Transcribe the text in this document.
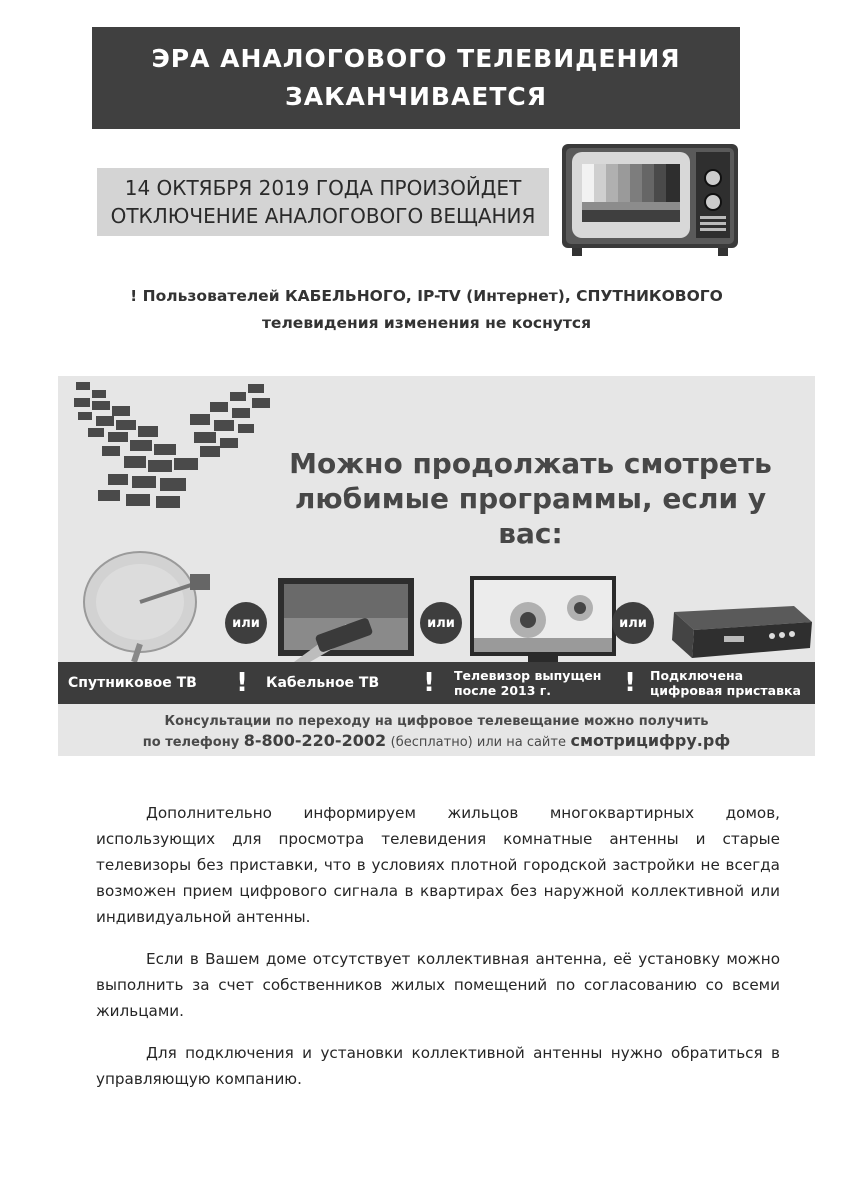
ЭРА АНАЛОГОВОГО ТЕЛЕВИДЕНИЯ
ЗАКАНЧИВАЕТСЯ
14 ОКТЯБРЯ 2019 ГОДА ПРОИЗОЙДЕТ
ОТКЛЮЧЕНИЕ АНАЛОГОВОГО ВЕЩАНИЯ
! Пользователей КАБЕЛЬНОГО, IP-TV (Интернет), СПУТНИКОВОГО
телевидения изменения не коснутся
Можно продолжать смотреть
любимые программы, если у вас:
или	или	или
Спутниковое ТВ ! Кабельное ТВ ! Телевизор выпущен
после 2013 г.	! Подключена
цифровая приставка
Консультации по переходу на цифровое телевещание можно получить
по телефону 8-800-220-2002 (бесплатно) или на сайте смотрицифру.рф

Дополнительно информируем жильцов многоквартирных домов, использующих для просмотра телевидения комнатные антенны и старые телевизоры без приставки, что в условиях плотной городской застройки не всегда возможен прием цифрового сигнала в квартирах без наружной коллективной или индивидуальной антенны.

Если в Вашем доме отсутствует коллективная антенна, её установку можно выполнить за счет собственников жилых помещений по согласованию со всеми жильцами.

Для подключения и установки коллективной антенны нужно обратиться в управляющую компанию.
